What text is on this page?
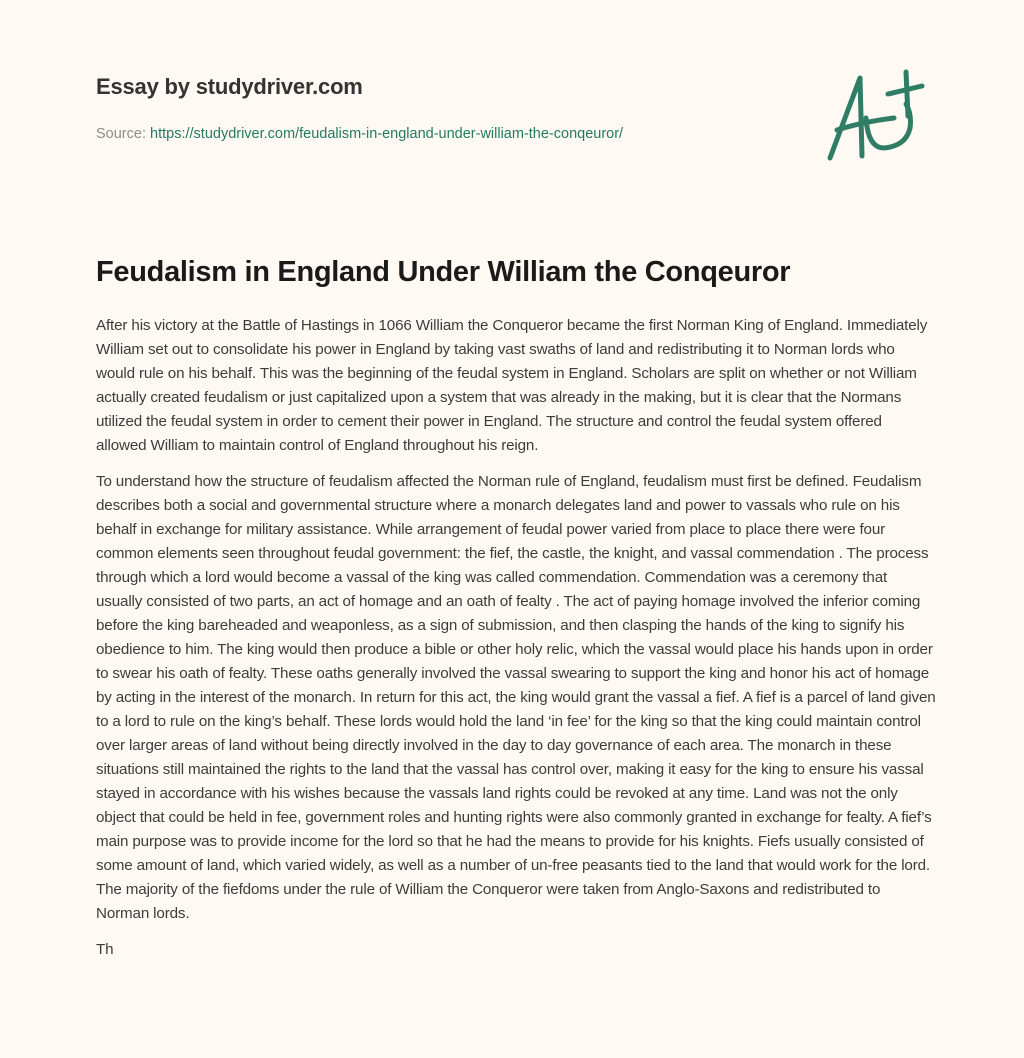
Essay by studydriver.com
Source: https://studydriver.com/feudalism-in-england-under-william-the-conqeuror/
Feudalism in England Under William the Conqeuror

After his victory at the Battle of Hastings in 1066 William the Conqueror became the first Norman King of England. Immediately William set out to consolidate his power in England by taking vast swaths of land and redistributing it to Norman lords who would rule on his behalf. This was the beginning of the feudal system in England. Scholars are split on whether or not William actually created feudalism or just capitalized upon a system that was already in the making, but it is clear that the Normans utilized the feudal system in order to cement their power in England. The structure and control the feudal system offered allowed William to maintain control of England throughout his reign.

To understand how the structure of feudalism affected the Norman rule of England, feudalism must first be defined. Feudalism describes both a social and governmental structure where a monarch delegates land and power to vassals who rule on his behalf in exchange for military assistance. While arrangement of feudal power varied from place to place there were four common elements seen throughout feudal government: the fief, the castle, the knight, and vassal commendation . The process through which a lord would become a vassal of the king was called commendation. Commendation was a ceremony that usually consisted of two parts, an act of homage and an oath of fealty . The act of paying homage involved the inferior coming before the king bareheaded and weaponless, as a sign of submission, and then clasping the hands of the king to signify his obedience to him. The king would then produce a bible or other holy relic, which the vassal would place his hands upon in order to swear his oath of fealty. These oaths generally involved the vassal swearing to support the king and honor his act of homage by acting in the interest of the monarch. In return for this act, the king would grant the vassal a fief. A fief is a parcel of land given to a lord to rule on the king’s behalf. These lords would hold the land ‘in fee’ for the king so that the king could maintain control over larger areas of land without being directly involved in the day to day governance of each area. The monarch in these situations still maintained the rights to the land that the vassal has control over, making it easy for the king to ensure his vassal stayed in accordance with his wishes because the vassals land rights could be revoked at any time. Land was not the only object that could be held in fee, government roles and hunting rights were also commonly granted in exchange for fealty. A fief’s main purpose was to provide income for the lord so that he had the means to provide for his knights. Fiefs usually consisted of some amount of land, which varied widely, as well as a number of un-free peasants tied to the land that would work for the lord. The majority of the fiefdoms under the rule of William the Conqueror were taken from Anglo-Saxons and redistributed to Norman lords.

Th
